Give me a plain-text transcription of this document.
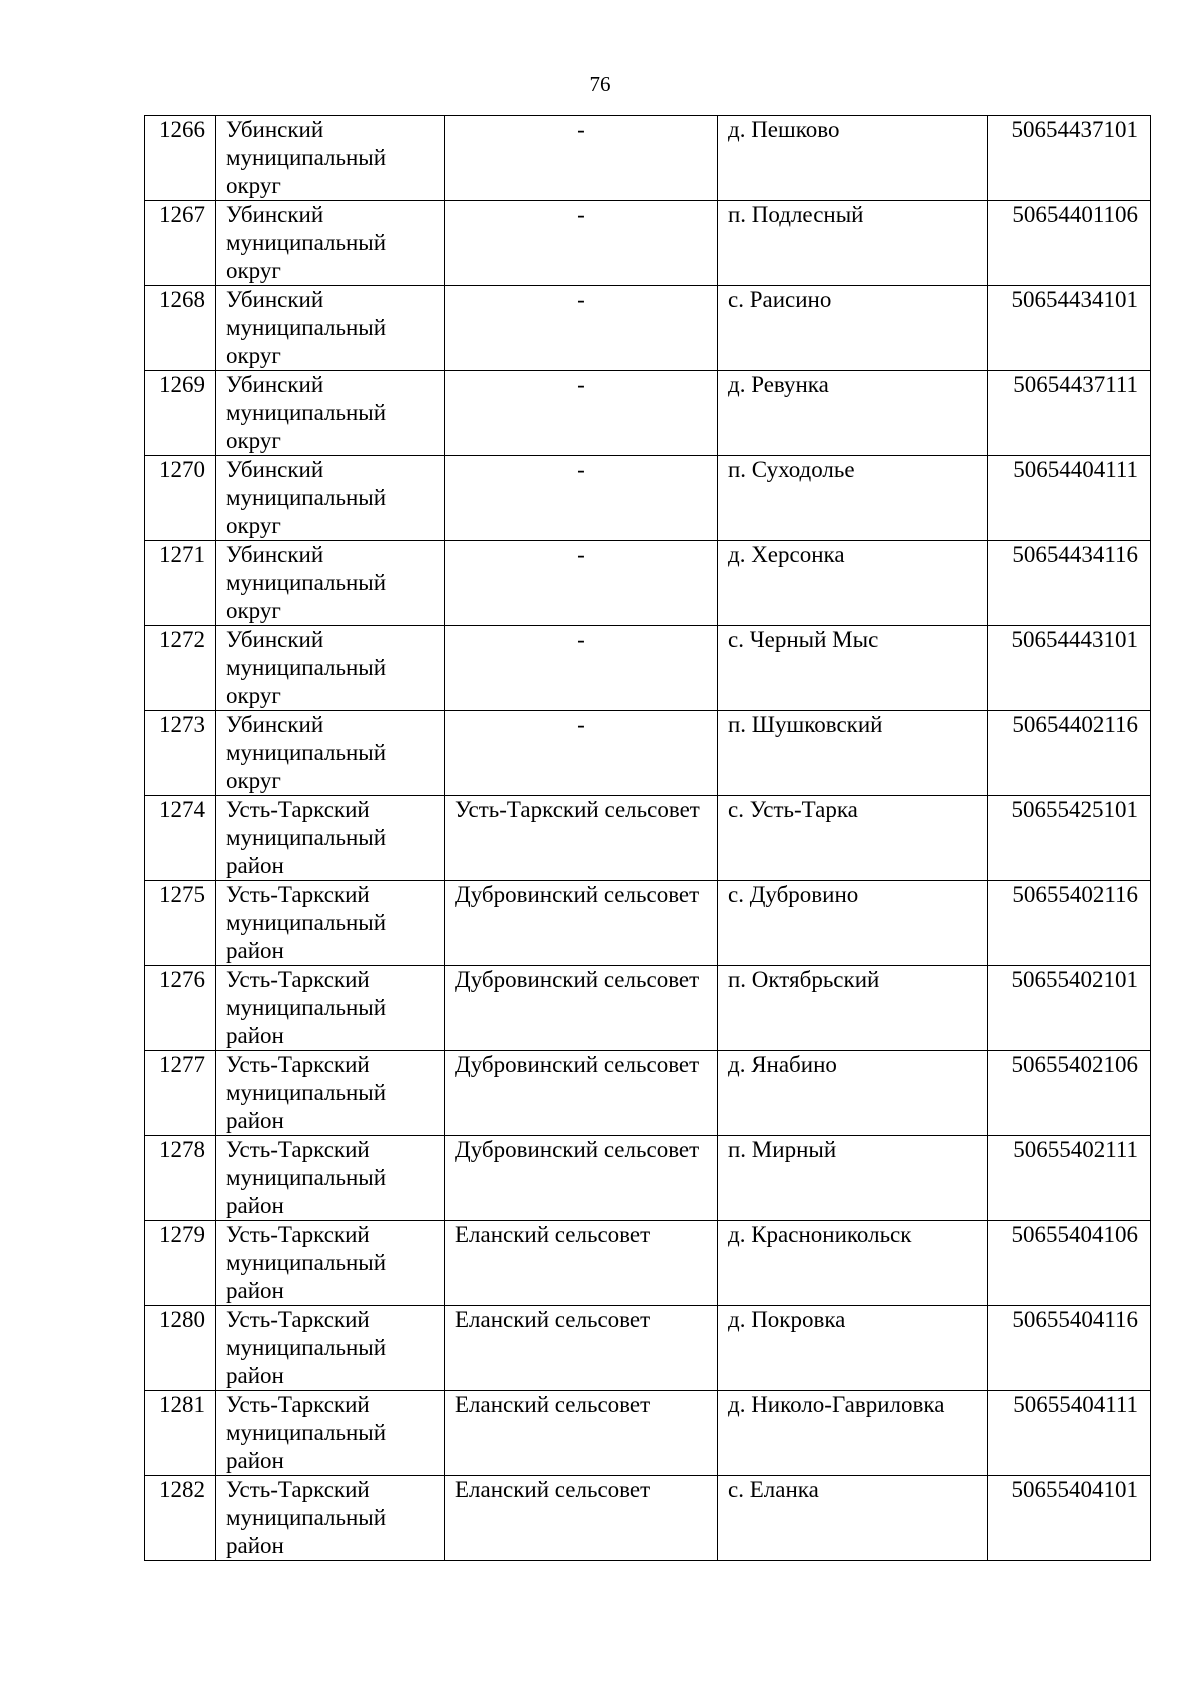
76
1266	Убинский муниципальный округ	-	д. Пешково	50654437101
1267	Убинский муниципальный округ	-	п. Подлесный	50654401106
1268	Убинский муниципальный округ	-	с. Раисино	50654434101
1269	Убинский муниципальный округ	-	д. Ревунка	50654437111
1270	Убинский муниципальный округ	-	п. Суходолье	50654404111
1271	Убинский муниципальный округ	-	д. Херсонка	50654434116
1272	Убинский муниципальный округ	-	с. Черный Мыс	50654443101
1273	Убинский муниципальный округ	-	п. Шушковский	50654402116
1274	Усть-Таркский муниципальный район	Усть-Таркский сельсовет	с. Усть-Тарка	50655425101
1275	Усть-Таркский муниципальный район	Дубровинский сельсовет	с. Дубровино	50655402116
1276	Усть-Таркский муниципальный район	Дубровинский сельсовет	п. Октябрьский	50655402101
1277	Усть-Таркский муниципальный район	Дубровинский сельсовет	д. Янабино	50655402106
1278	Усть-Таркский муниципальный район	Дубровинский сельсовет	п. Мирный	50655402111
1279	Усть-Таркский муниципальный район	Еланский сельсовет	д. Красноникольск	50655404106
1280	Усть-Таркский муниципальный район	Еланский сельсовет	д. Покровка	50655404116
1281	Усть-Таркский муниципальный район	Еланский сельсовет	д. Николо-Гавриловка	50655404111
1282	Усть-Таркский муниципальный район	Еланский сельсовет	с. Еланка	50655404101
